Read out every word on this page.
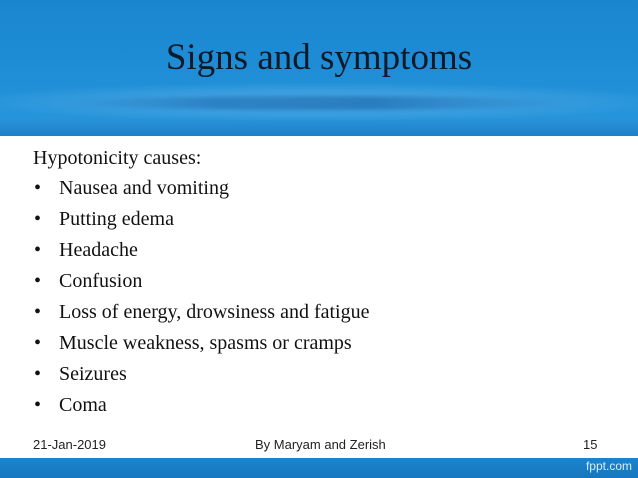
Signs and symptoms

Hypotonicity causes:

• Nausea and vomiting
• Putting edema
• Headache
• Confusion
• Loss of energy, drowsiness and fatigue
• Muscle weakness, spasms or cramps
• Seizures
• Coma
21-Jan-2019	By Maryam and Zerish	15
fppt.com
